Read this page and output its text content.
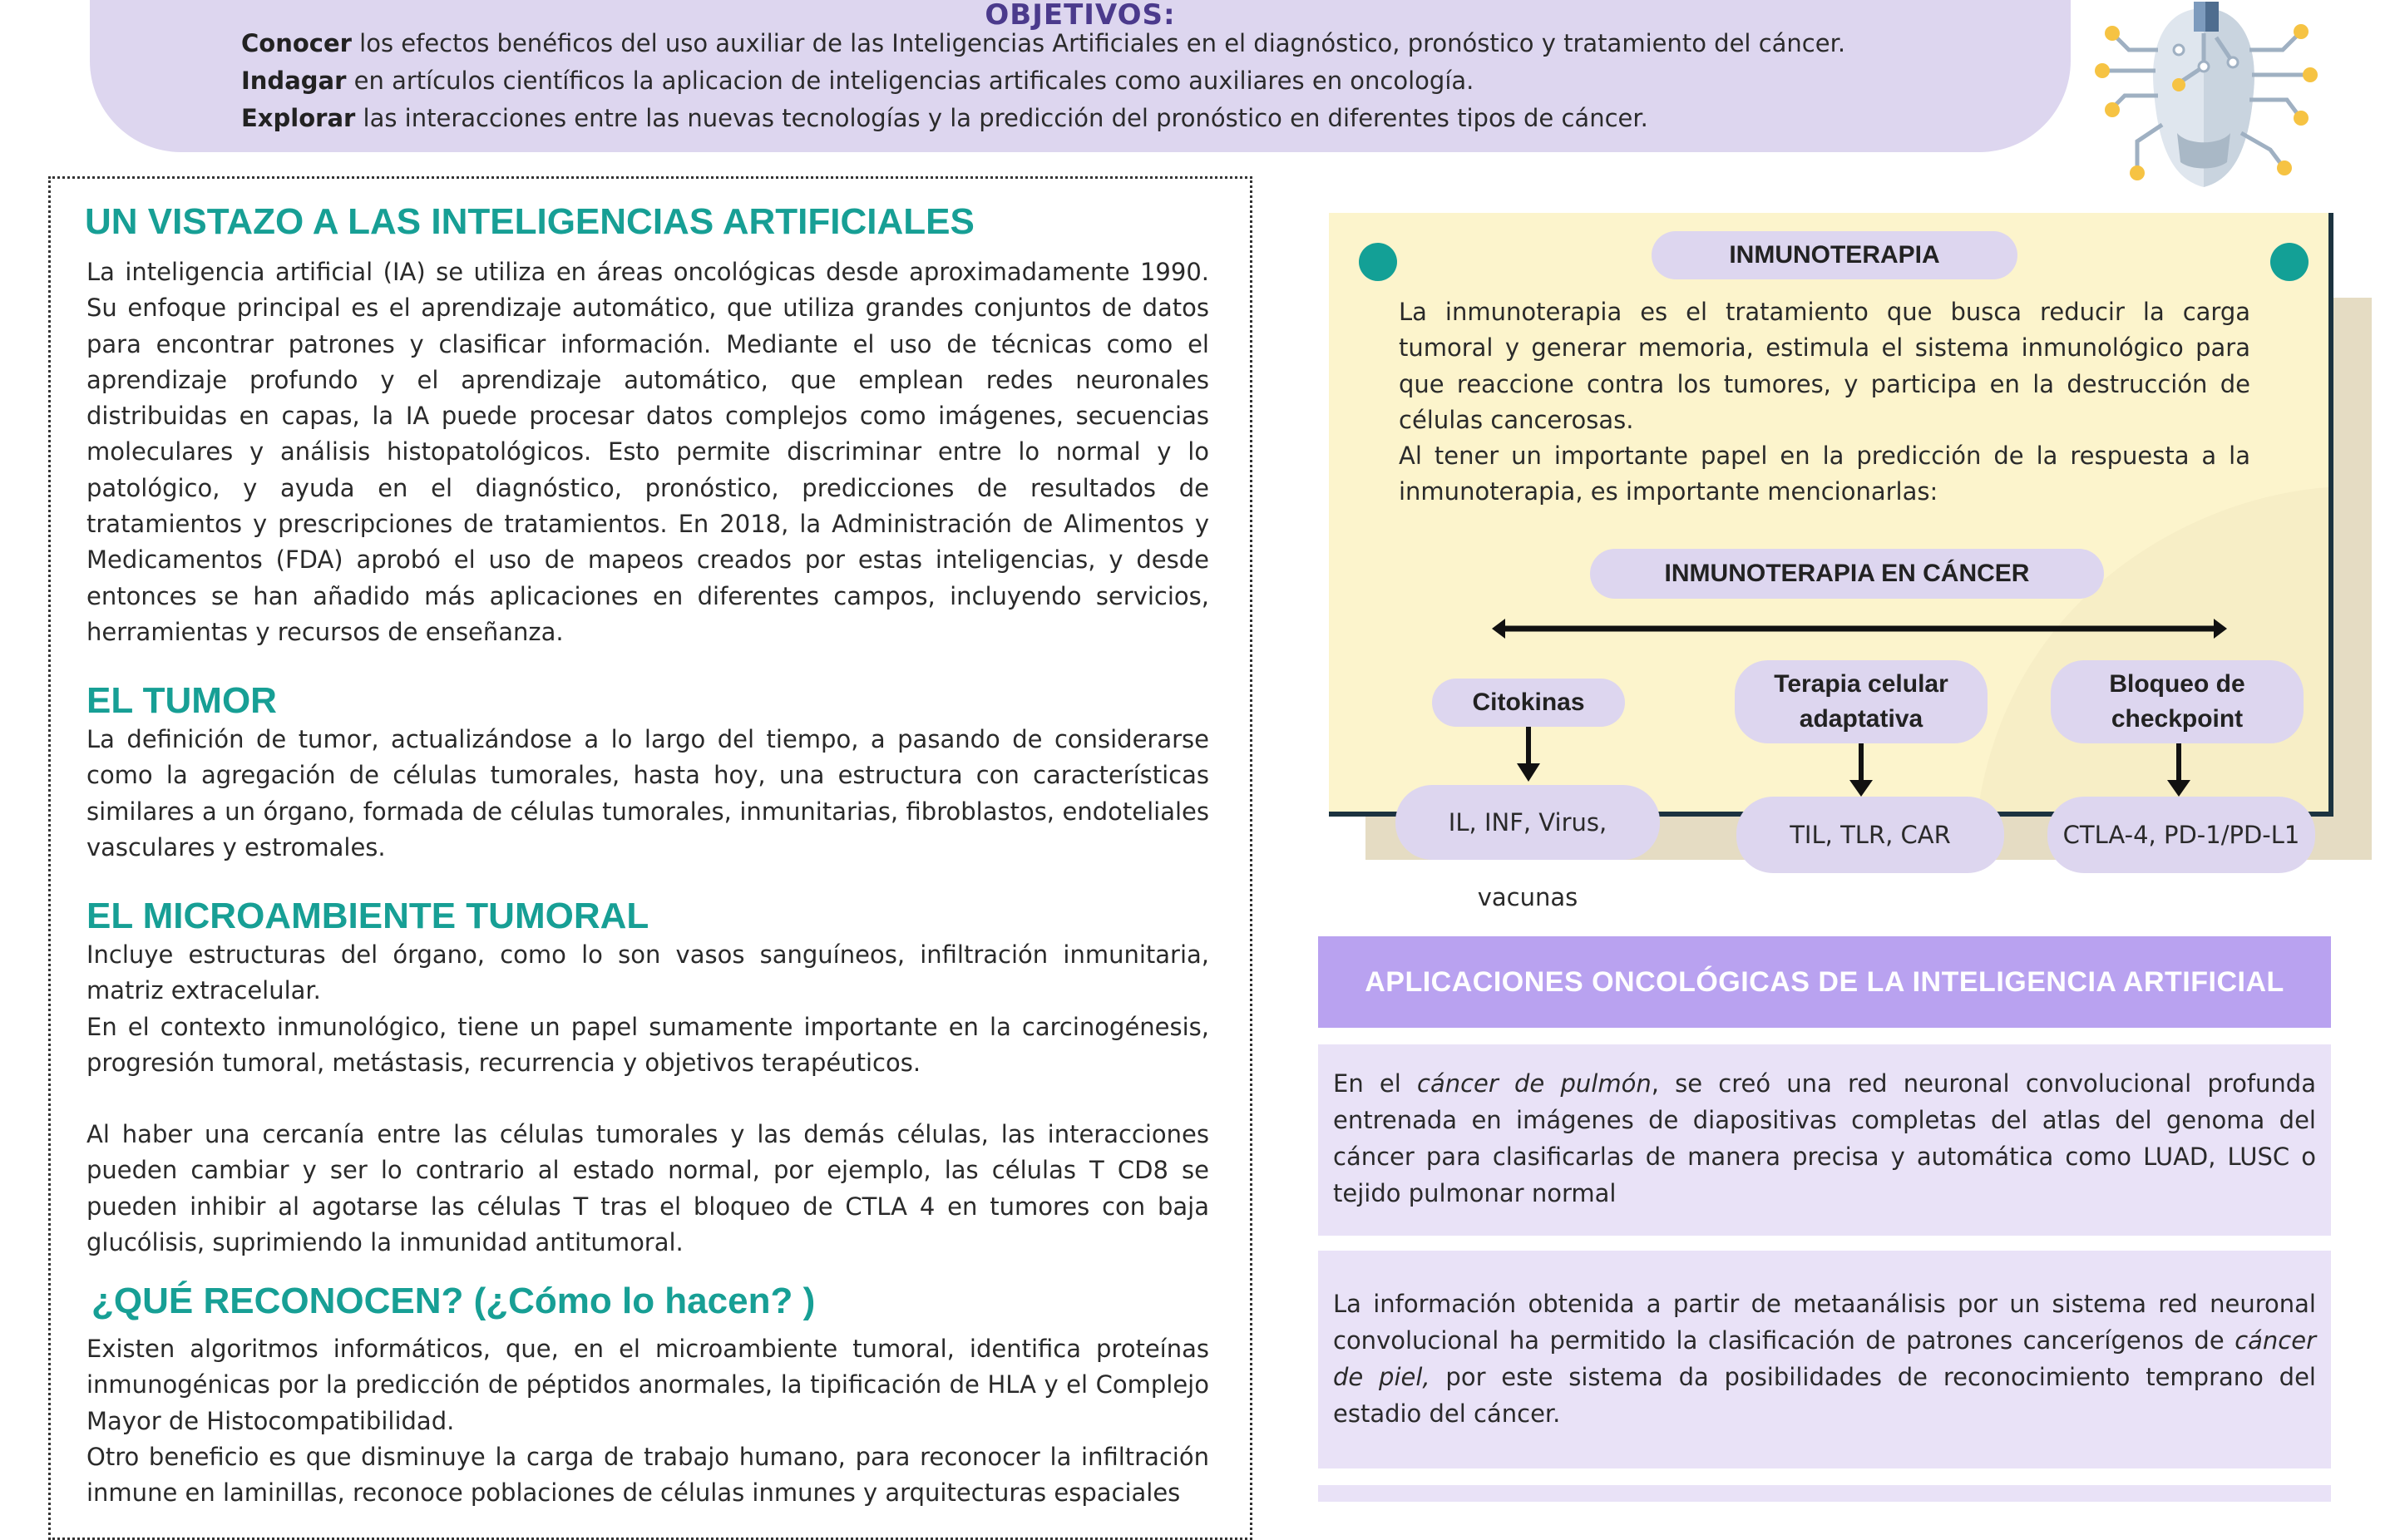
OBJETIVOS:
Conocer los efectos benéficos del uso auxiliar de las Inteligencias Artificiales en el diagnóstico, pronóstico y tratamiento del cáncer.
Indagar en artículos científicos la aplicacion de inteligencias artificales como auxiliares en oncología.
Explorar las interacciones entre las nuevas tecnologías y la predicción del pronóstico en diferentes tipos de cáncer.
UN VISTAZO A LAS INTELIGENCIAS ARTIFICIALES
La inteligencia artificial (IA) se utiliza en áreas oncológicas desde aproximadamente 1990. Su enfoque principal es el aprendizaje automático, que utiliza grandes conjuntos de datos para encontrar patrones y clasificar información. Mediante el uso de técnicas como el aprendizaje profundo y el aprendizaje automático, que emplean redes neuronales distribuidas en capas, la IA puede procesar datos complejos como imágenes, secuencias moleculares y análisis histopatológicos. Esto permite discriminar entre lo normal y lo patológico, y ayuda en el diagnóstico, pronóstico, predicciones de resultados de tratamientos y prescripciones de tratamientos. En 2018, la Administración de Alimentos y Medicamentos (FDA) aprobó el uso de mapeos creados por estas inteligencias, y desde entonces se han añadido más aplicaciones en diferentes campos, incluyendo servicios, herramientas y recursos de enseñanza.
EL TUMOR
La definición de tumor, actualizándose a lo largo del tiempo, a pasando de considerarse como la agregación de células tumorales, hasta hoy, una estructura con características similares a un órgano, formada de células tumorales, inmunitarias, fibroblastos, endoteliales vasculares y estromales.
EL MICROAMBIENTE TUMORAL

Incluye estructuras del órgano, como lo son vasos sanguíneos, infiltración inmunitaria, matriz extracelular.

En el contexto inmunológico, tiene un papel sumamente importante en la carcinogénesis, progresión tumoral, metástasis, recurrencia y objetivos terapéuticos.

Al haber una cercanía entre las células tumorales y las demás células, las interacciones pueden cambiar y ser lo contrario al estado normal, por ejemplo, las células T CD8 se pueden inhibir al agotarse las células T tras el bloqueo de CTLA 4 en tumores con baja glucólisis, suprimiendo la inmunidad antitumoral.

¿QUÉ RECONOCEN? (¿Cómo lo hacen? )

Existen algoritmos informáticos, que, en el microambiente tumoral, identifica proteínas inmunogénicas por la predicción de péptidos anormales, la tipificación de HLA y el Complejo Mayor de Histocompatibilidad.

Otro beneficio es que disminuye la carga de trabajo humano, para reconocer la infiltración inmune en laminillas, reconoce poblaciones de células inmunes y arquitecturas espaciales

INMUNOTERAPIA

La inmunoterapia es el tratamiento que busca reducir la carga tumoral y generar memoria, estimula el sistema inmunológico para que reaccione contra los tumores, y participa en la destrucción de células cancerosas.

Al tener un importante papel en la predicción de la respuesta a la inmunoterapia, es importante mencionarlas:

INMUNOTERAPIA EN CÁNCER
Citokinas
Terapia celular
adaptativa
Bloqueo de
checkpoint
IL, INF, Virus, vacunas
TIL, TLR, CAR	CTLA-4, PD-1/PD-L1
APLICACIONES ONCOLÓGICAS DE LA INTELIGENCIA ARTIFICIAL
En el cáncer de pulmón, se creó una red neuronal convolucional profunda entrenada en imágenes de diapositivas completas del atlas del genoma del cáncer para clasificarlas de manera precisa y automática como LUAD, LUSC o tejido pulmonar normal
La información obtenida a partir de metaanálisis por un sistema red neuronal convolucional ha permitido la clasificación de patrones cancerígenos de cáncer de piel, por este sistema da posibilidades de reconocimiento temprano del estadio del cáncer.
